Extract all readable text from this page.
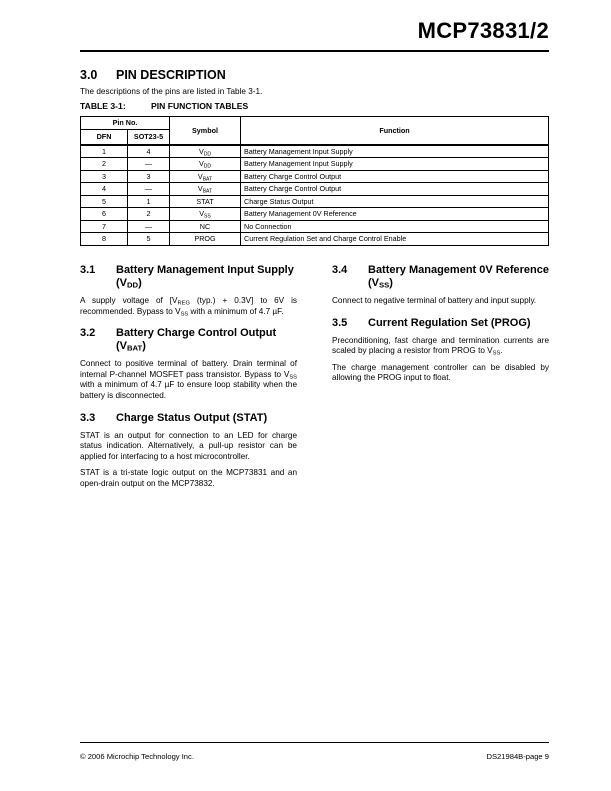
MCP73831/2
3.0 PIN DESCRIPTION
The descriptions of the pins are listed in Table 3-1.
TABLE 3-1:	PIN FUNCTION TABLES
Pin No.		Symbol	Function
DFN	SOT23-5		
1	4	$V_{DD}$	Battery Management Input Supply
2	—	$V_{DD}$	Battery Management Input Supply
3	3	$V_{BAT}$	Battery Charge Control Output
4	—	$V_{BAT}$	Battery Charge Control Output
5	1	STAT	Charge Status Output
6	2	$V_{SS}$	Battery Management 0V Reference
7	—	NC	No Connection
8	5	PROG	Current Regulation Set and Charge Control Enable
3.1	Battery Management Input Supply $(V_{DD})$

A supply voltage of [$V_{REG}$ (typ.) + 0.3V] to 6V is recommended. Bypass to $V_{SS}$ with a minimum of 4.7 µF.

3.2	Battery Charge Control Output $(V_{BAT})$

Connect to positive terminal of battery. Drain terminal of internal P-channel MOSFET pass transistor. Bypass to $V_{SS}$ with a minimum of 4.7 µF to ensure loop stability when the battery is disconnected.

3.3	Charge Status Output (STAT)

STAT is an output for connection to an LED for charge status indication. Alternatively, a pull-up resistor can be applied for interfacing to a host microcontroller.

STAT is a tri-state logic output on the MCP73831 and an open-drain output on the MCP73832.

3.4	Battery Management 0V Reference $(V_{SS})$

Connect to negative terminal of battery and input supply.

3.5	Current Regulation Set (PROG)

Preconditioning, fast charge and termination currents are scaled by placing a resistor from PROG to $V_{SS}$.

The charge management controller can be disabled by allowing the PROG input to float.

© 2006 Microchip Technology Inc.	DS21984B-page 9
